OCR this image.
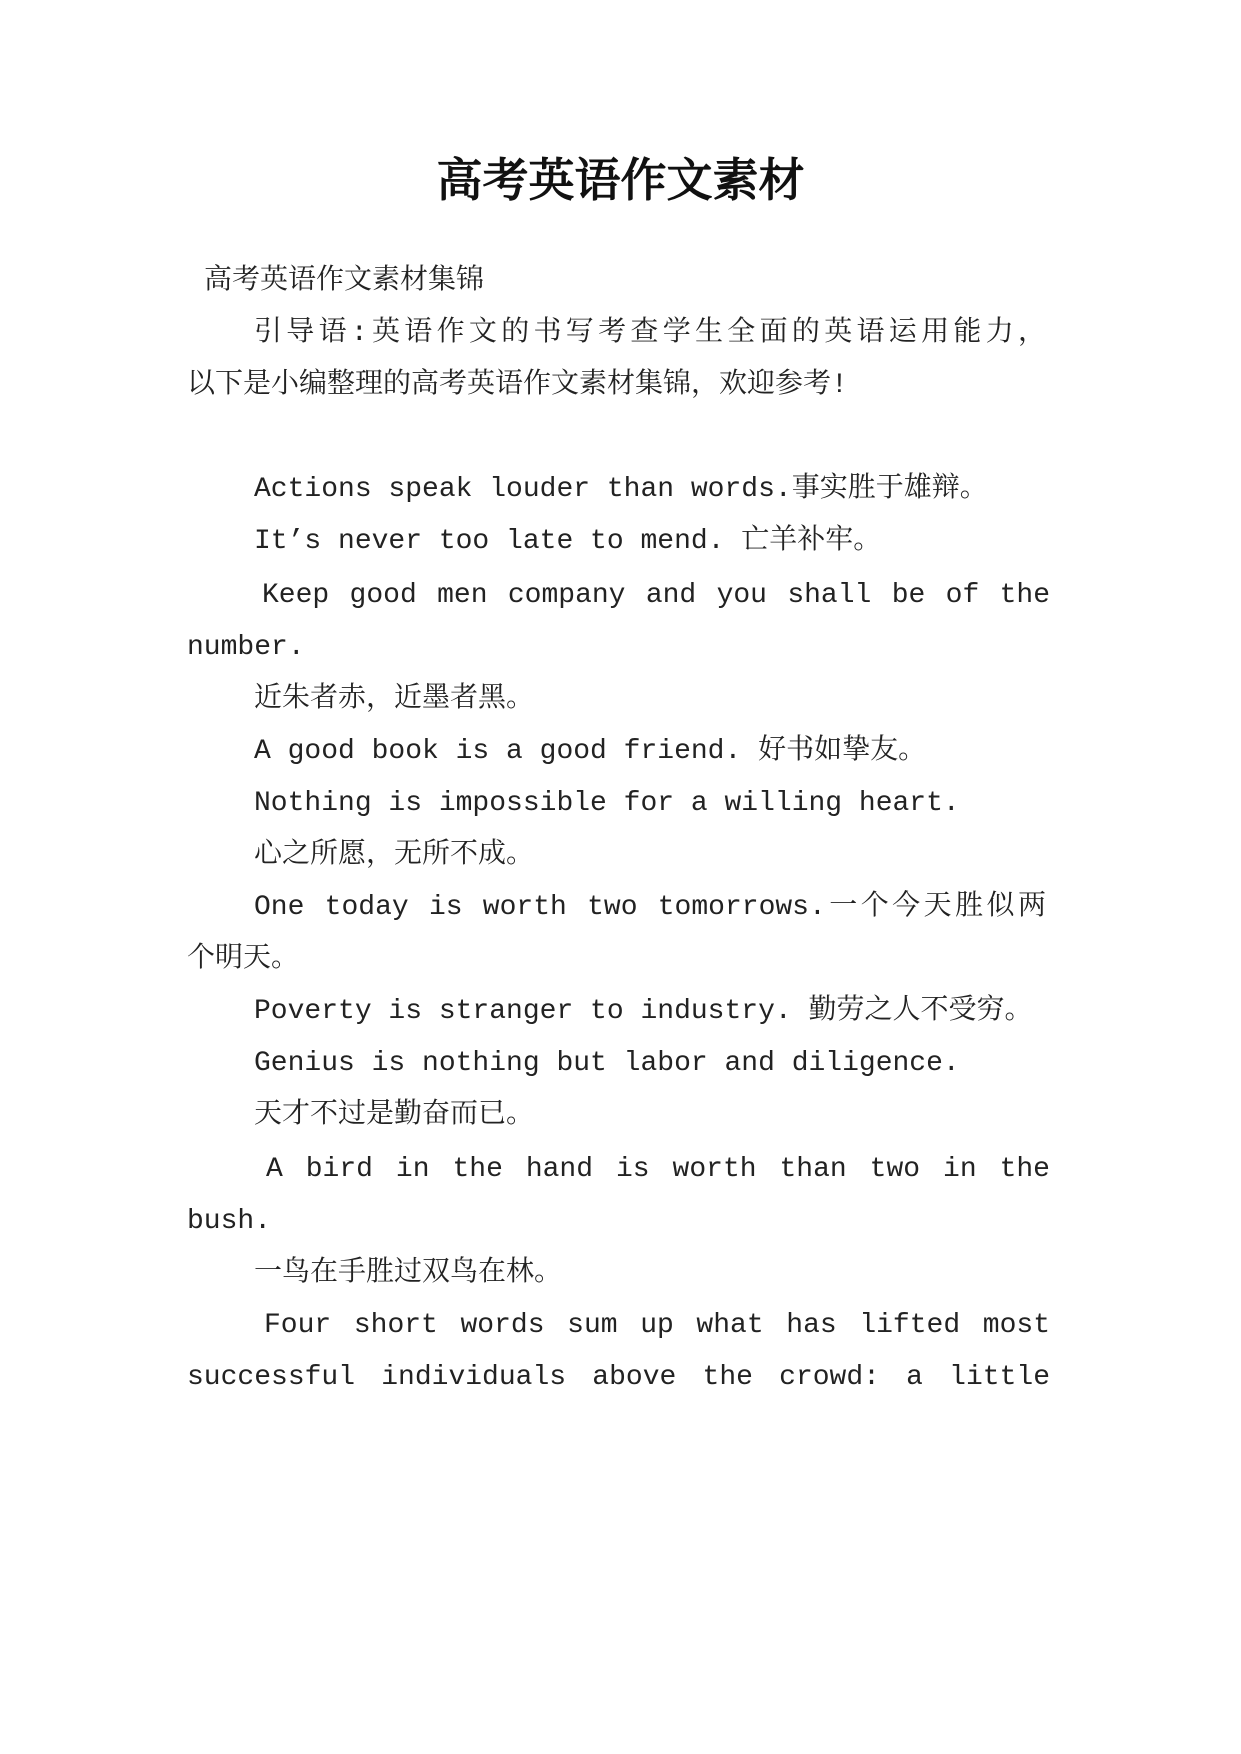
高考英语作文素材

高考英语作文素材集锦

引导语:英语作文的书写考查学生全面的英语运用能力，

以下是小编整理的高考英语作文素材集锦，欢迎参考!

Actions speak louder than words.事实胜于雄辩。

It’s never too late to mend. 亡羊补牢。

Keep good men company and you shall be of the

number.

近朱者赤，近墨者黑。

A good book is a good friend. 好书如挚友。

Nothing is impossible for a willing heart.

心之所愿，无所不成。

One today is worth two tomorrows.一个今天胜似两

个明天。

Poverty is stranger to industry. 勤劳之人不受穷。

Genius is nothing but labor and diligence.

天才不过是勤奋而已。

A bird in the hand is worth than two in the

bush.

一鸟在手胜过双鸟在林。

Four short words sum up what has lifted most

successful individuals above the crowd: a little
